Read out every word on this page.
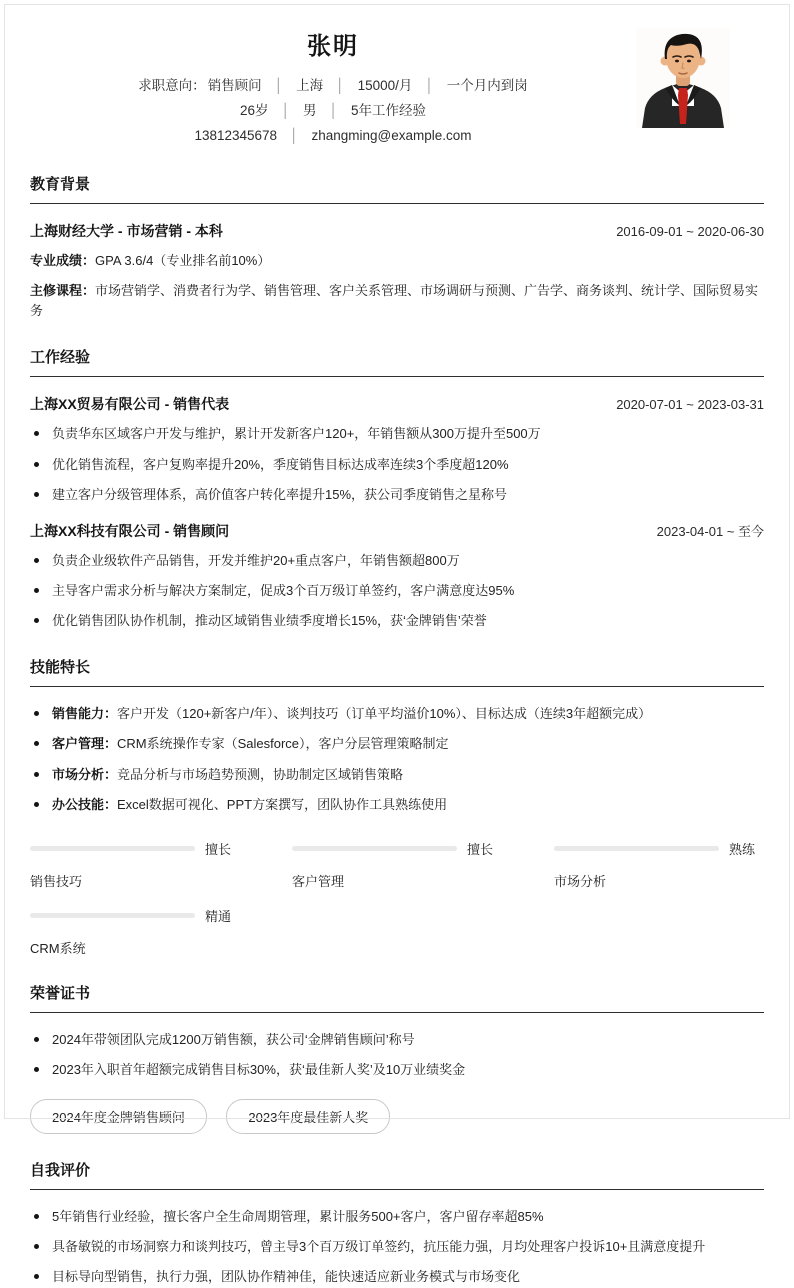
张明
求职意向： 销售顾问	│ 上海	│ 15000/月	│ 一个月内到岗
26岁	│ 男	│ 5年工作经验
13812345678	│ zhangming@example.com
教育背景
上海财经大学 - 市场营销 - 本科	2016-09-01 ~ 2020-06-30
专业成绩：GPA 3.6/4（专业排名前10%）
主修课程：市场营销学、消费者行为学、销售管理、客户关系管理、市场调研与预测、广告学、商务谈判、统计学、国际贸易实务
工作经验
上海XX贸易有限公司 - 销售代表	2020-07-01 ~ 2023-03-31
负责华东区域客户开发与维护，累计开发新客户120+，年销售额从300万提升至500万
优化销售流程，客户复购率提升20%，季度销售目标达成率连续3个季度超120%
建立客户分级管理体系，高价值客户转化率提升15%，获公司季度销售之星称号
上海XX科技有限公司 - 销售顾问	2023-04-01 ~ 至今
负责企业级软件产品销售，开发并维护20+重点客户，年销售额超800万
主导客户需求分析与解决方案制定，促成3个百万级订单签约，客户满意度达95%
优化销售团队协作机制，推动区域销售业绩季度增长15%，获‘金牌销售’荣誉
技能特长
销售能力：客户开发（120+新客户/年）、谈判技巧（订单平均溢价10%）、目标达成（连续3年超额完成）
客户管理：CRM系统操作专家（Salesforce），客户分层管理策略制定
市场分析：竞品分析与市场趋势预测，协助制定区域销售策略
办公技能：Excel数据可视化、PPT方案撰写，团队协作工具熟练使用
擅长
销售技巧
擅长
客户管理
熟练
市场分析
精通
CRM系统
荣誉证书
2024年带领团队完成1200万销售额，获公司‘金牌销售顾问’称号
2023年入职首年超额完成销售目标30%，获‘最佳新人奖’及10万业绩奖金
2024年度金牌销售顾问	2023年度最佳新人奖
自我评价
5年销售行业经验，擅长客户全生命周期管理，累计服务500+客户，客户留存率超85%
具备敏锐的市场洞察力和谈判技巧，曾主导3个百万级订单签约，抗压能力强，月均处理客户投诉10+且满意度提升
目标导向型销售，执行力强，团队协作精神佳，能快速适应新业务模式与市场变化
